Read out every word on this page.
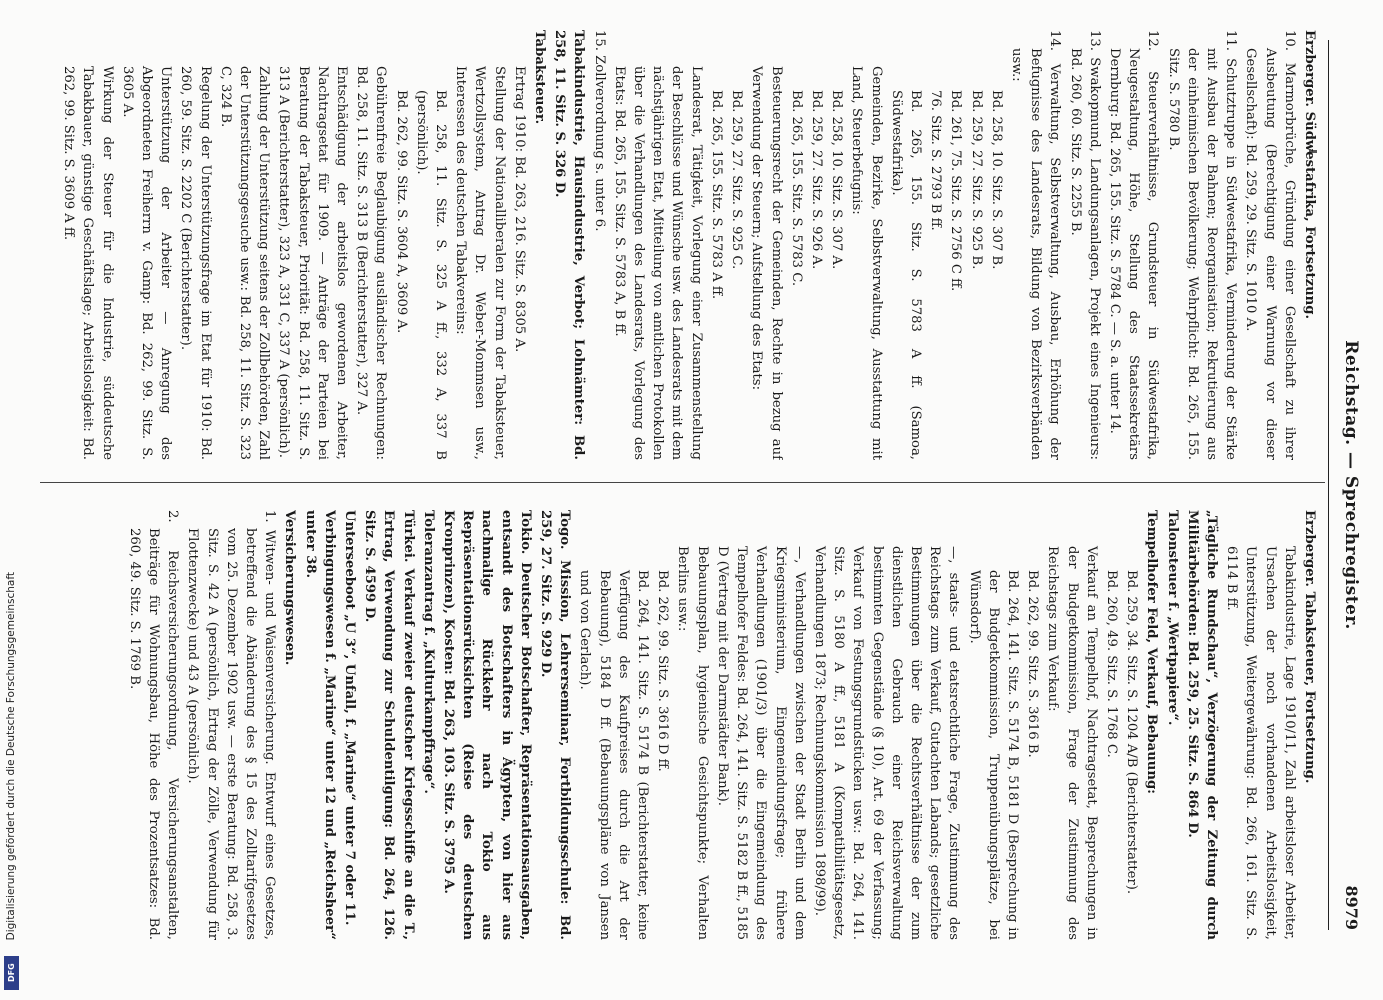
Reichstag. — Sprechregister.
8979

Erzberger. Südwestafrika, Fortsetzung.

10. Marmorbrüche, Gründung einer Gesellschaft zu ihrer Ausbeutung (Berechtigung einer Warnung vor dieser Gesellschaft): Bd. 259, 29. Sitz. S. 1010 A.

11. Schutztruppe in Südwestafrika, Verminderung der Stärke mit Ausbau der Bahnen; Reorganisation; Rekrutierung aus der einheimischen Bevölkerung; Wehrpflicht: Bd. 265, 155. Sitz. S. 5780 B.

12. Steuerverhältnisse, Grundsteuer in Südwestafrika, Neugestaltung, Höhe, Stellung des Staatssekretärs Dernburg: Bd. 265, 155. Sitz. S. 5784 C. — S. a. unter 14.

13. Swakopmund, Landungsanlagen, Projekt eines Ingenieurs: Bd. 260, 60. Sitz. S. 2255 B.

14. Verwaltung, Selbstverwaltung, Ausbau, Erhöhung der Befugnisse des Landesrats, Bildung von Bezirksverbänden usw.:

Bd. 258, 10. Sitz. S. 307 B.

Bd. 259, 27. Sitz. S. 925 B.

Bd. 261, 75. Sitz. S. 2756 C ff.

76. Sitz. S. 2793 B ff.

Bd. 265, 155. Sitz. S. 5783 A ff. (Samoa, Südwestafrika).

Gemeinden, Bezirke, Selbstverwaltung, Ausstattung mit Land, Steuerbefugnis:

Bd. 258, 10. Sitz. S. 307 A.

Bd. 259, 27. Sitz. S. 926 A.

Bd. 265, 155. Sitz. S. 5783 C.

Besteuerungsrecht der Gemeinden, Rechte in bezug auf Verwendung der Steuern; Aufstellung des Etats:

Bd. 259, 27. Sitz. S. 925 C.

Bd. 265, 155. Sitz. S. 5783 A ff.

Landesrat, Tätigkeit, Vorlegung einer Zusammenstellung der Beschlüsse und Wünsche usw. des Landesrats mit dem nächstjährigen Etat, Mitteilung von amtlichen Protokollen über die Verhandlungen des Landesrats, Vorlegung des Etats: Bd. 265, 155. Sitz. S. 5783 A, B ff.

15. Zollverordnung s. unter 6.

Tabakindustrie, Hausindustrie, Verbot; Lohnämter: Bd. 258, 11. Sitz. S. 326 D.

Tabaksteuer.

Ertrag 1910: Bd. 263, 216. Sitz. S. 8305 A.

Stellung der Nationalliberalen zur Form der Tabaksteuer, Wertzollsystem, Antrag Dr. Weber-Mommsen usw., Interessen des deutschen Tabakvereins:

Bd. 258, 11. Sitz. S. 325 A ff., 332 A, 337 B (persönlich).

Bd. 262, 99. Sitz. S. 3604 A, 3609 A.

Gebührenfreie Beglaubigung ausländischer Rechnungen: Bd. 258, 11. Sitz. S. 313 B (Berichterstatter), 327 A.

Entschädigung der arbeitslos gewordenen Arbeiter, Nachtragsetat für 1909. — Anträge der Parteien bei Beratung der Tabaksteuer, Priorität: Bd. 258, 11. Sitz. S. 313 A (Berichterstatter), 323 A, 331 C, 337 A (persönlich).

Zahlung der Unterstützung seitens der Zollbehörden, Zahl der Unterstützungsgesuche usw.: Bd. 258, 11. Sitz. S. 323 C, 324 B.

Regelung der Unterstützungsfrage im Etat für 1910: Bd. 260, 59. Sitz. S. 2202 C (Berichterstatter).

Unterstützung der Arbeiter — Anregung des Abgeordneten Freiherrn v. Gamp: Bd. 262, 99. Sitz. S. 3605 A.

Wirkung der Steuer für die Industrie, süddeutsche Tabakbauer, günstige Geschäftslage; Arbeitslosigkeit: Bd. 262, 99. Sitz. S. 3609 A ff.

Erzberger. Tabaksteuer, Fortsetzung.

Tabakindustrie, Lage 1910/11, Zahl arbeitsloser Arbeiter, Ursachen der noch vorhandenen Arbeitslosigkeit, Unterstützung, Weitergewährung: Bd. 266, 161. Sitz. S. 6114 B ff.

„Tägliche Rundschau“, Verzögerung der Zeitung durch Militärbehörden: Bd. 259, 25. Sitz. S. 864 D.

Talonsteuer f. „Wertpapiere“.

Tempelhofer Feld, Verkauf, Bebauung:

Bd. 259, 34. Sitz. S. 1204 A/B (Berichterstatter).

Bd. 260, 49. Sitz. S. 1768 C.

Verkauf an Tempelhof, Nachtragsetat, Besprechungen in der Budgetkommission, Frage der Zustimmung des Reichstags zum Verkauf:

Bd. 262, 99. Sitz. S. 3616 B.

Bd. 264, 141. Sitz. S. 5174 B, 5181 D (Besprechung in der Budgetkommission, Truppenübungsplätze, bei Wünsdorf).

—, staats- und etatsrechtliche Frage, Zustimmung des Reichstags zum Verkauf, Gutachten Labands; gesetzliche Bestimmungen über die Rechtsverhältnisse der zum dienstlichen Gebrauch einer Reichsverwaltung bestimmten Gegenstände (§ 10), Art. 69 der Verfassung; Verkauf von Festungsgrundstücken usw.: Bd. 264, 141. Sitz. S. 5180 A ff., 5181 A (Kompatibilitätsgesetz, Verhandlungen 1873; Rechnungskommission 1898/99).

—, Verhandlungen zwischen der Stadt Berlin und dem Kriegsministerium, Eingemeindungsfrage; frühere Verhandlungen (1901/3) über die Eingemeindung des Tempelhofer Feldes: Bd. 264, 141. Sitz. S. 5182 B ff., 5185 D (Vertrag mit der Darmstädter Bank).

Bebauungsplan, hygienische Gesichtspunkte; Verhalten Berlins usw.:

Bd. 262, 99. Sitz. S. 3616 D ff.

Bd. 264, 141. Sitz. S. 5174 B (Berichterstatter, keine Verfügung des Kaufpreises durch die Art der Bebauung), 5184 D ff. (Bebauungspläne von Jansen und von Gerlach).

Togo. Mission, Lehrerseminar, Fortbildungsschule: Bd. 259, 27. Sitz. S. 929 D.

Tokio. Deutscher Botschafter, Repräsentationsausgaben, entsandt des Botschafters in Ägypten, von hier aus nachmalige Rückkehr nach Tokio aus Repräsentationsrücksichten (Reise des deutschen Kronprinzen), Kosten: Bd. 263, 103. Sitz. S. 3795 A.

Toleranzantrag f. „Kulturkampffrage“.

Türkei. Verkauf zweier deutscher Kriegsschiffe an die T., Ertrag, Verwendung zur Schuldentilgung: Bd. 264, 126. Sitz. S. 4599 D.

Unterseeboot „U 3“, Unfall, f. „Marine“ unter 7 oder 11.

Verbingungswesen f. „Marine“ unter 12 und „Reichsheer“ unter 38.

Versicherungswesen.

1. Witwen- und Waisenversicherung. Entwurf eines Gesetzes, betreffend die Abänderung des § 15 des Zolltarifgesetzes vom 25. Dezember 1902 usw. — erste Beratung: Bd. 258, 3. Sitz. S. 42 A (persönlich, Ertrag der Zölle, Verwendung für Flottenzwecke) und 43 A (persönlich).

2. Reichsversicherungsordnung, Versicherungsanstalten, Beiträge für Wohnungsbau, Höhe des Prozentsatzes: Bd. 260, 49. Sitz. S. 1769 B.

Digitalisierung gefördert durch die Deutsche Forschungsgemeinschaft
DFG
